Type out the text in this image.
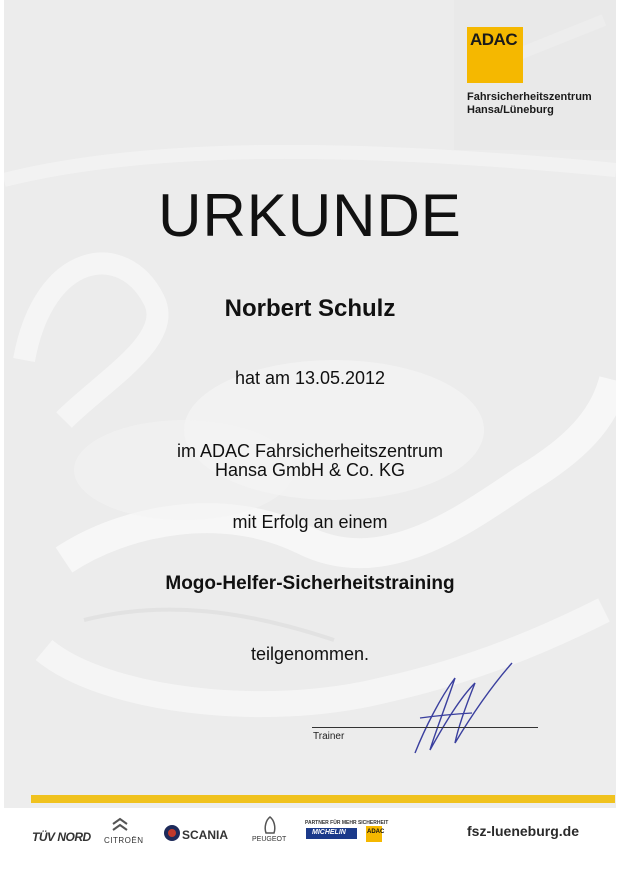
ADAC
Fahrsicherheitszentrum
Hansa/Lüneburg
URKUNDE
Norbert Schulz
hat am 13.05.2012
im ADAC Fahrsicherheitszentrum
Hansa GmbH & Co. KG
mit Erfolg an einem
Mogo-Helfer-Sicherheitstraining
teilgenommen.
Trainer
TÜV NORD CITROËN	SCANIA	PEUGEOT
PARTNER FÜR MEHR SICHERHEIT
MICHELIN	ADAC	fsz-lueneburg.de
